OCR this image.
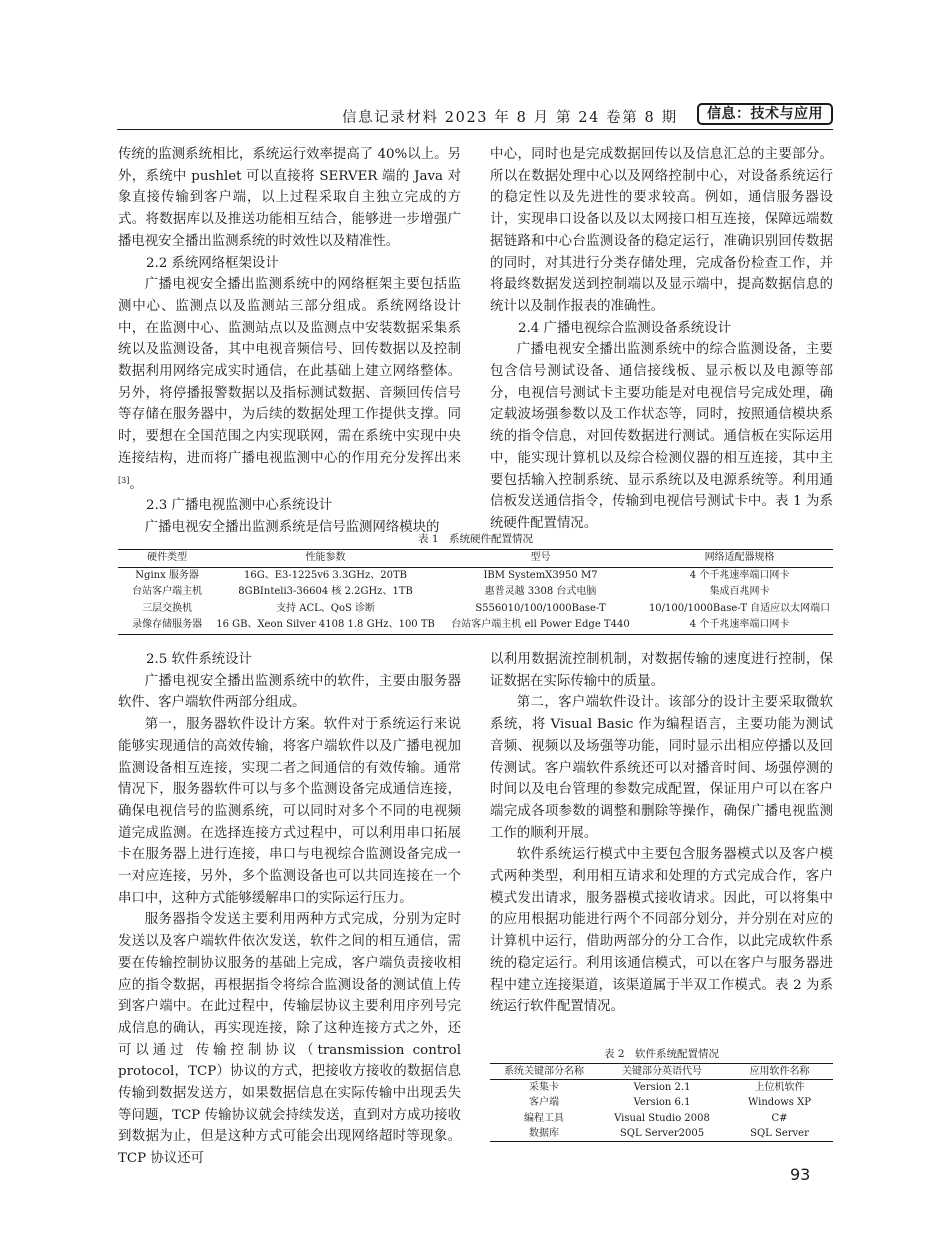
信息记录材料 2023 年 8 月 第 24 卷第 8 期	信息：技术与应用

传统的监测系统相比，系统运行效率提高了 40%以上。另外，系统中 pushlet 可以直接将 SERVER 端的 Java 对象直接传输到客户端，以上过程采取自主独立完成的方式。将数据库以及推送功能相互结合，能够进一步增强广播电视安全播出监测系统的时效性以及精准性。

2.2 系统网络框架设计

广播电视安全播出监测系统中的网络框架主要包括监测中心、监测点以及监测站三部分组成。系统网络设计中，在监测中心、监测站点以及监测点中安装数据采集系统以及监测设备，其中电视音频信号、回传数据以及控制数据利用网络完成实时通信，在此基础上建立网络整体。另外，将停播报警数据以及指标测试数据、音频回传信号等存储在服务器中，为后续的数据处理工作提供支撑。同时，要想在全国范围之内实现联网，需在系统中实现中央连接结构，进而将广播电视监测中心的作用充分发挥出来[3]。

2.3 广播电视监测中心系统设计

广播电视安全播出监测系统是信号监测网络模块的

中心，同时也是完成数据回传以及信息汇总的主要部分。所以在数据处理中心以及网络控制中心，对设备系统运行的稳定性以及先进性的要求较高。例如，通信服务器设计，实现串口设备以及以太网接口相互连接，保障远端数据链路和中心台监测设备的稳定运行，准确识别回传数据的同时，对其进行分类存储处理，完成备份检查工作，并将最终数据发送到控制端以及显示端中，提高数据信息的统计以及制作报表的准确性。

2.4 广播电视综合监测设备系统设计

广播电视安全播出监测系统中的综合监测设备，主要包含信号测试设备、通信接线板、显示板以及电源等部分，电视信号测试卡主要功能是对电视信号完成处理，确定载波场强参数以及工作状态等，同时，按照通信模块系统的指令信息，对回传数据进行测试。通信板在实际运用中，能实现计算机以及综合检测仪器的相互连接，其中主要包括输入控制系统、显示系统以及电源系统等。利用通信板发送通信指令，传输到电视信号测试卡中。表 1 为系统硬件配置情况。

表 1　系统硬件配置情况
硬件类型	性能参数	型号	网络适配器规格
Nginx 服务器	16G、E3-1225v6 3.3GHz、20TB	IBM SystemX3950 M7	4 个千兆速率端口网卡
台站客户端主机	8GBInteli3-36604 核 2.2GHz、1TB	惠普灵越 3308 台式电脑	集成百兆网卡
三层交换机	支持 ACL、QoS 诊断	S556010/100/1000Base-T	10/100/1000Base-T 自适应以太网端口
录像存储服务器	16 GB、Xeon Silver 4108 1.8 GHz、100 TB	台站客户端主机 ell Power Edge T440	4 个千兆速率端口网卡
2.5 软件系统设计

广播电视安全播出监测系统中的软件，主要由服务器软件、客户端软件两部分组成。

第一，服务器软件设计方案。软件对于系统运行来说能够实现通信的高效传输，将客户端软件以及广播电视加监测设备相互连接，实现二者之间通信的有效传输。通常情况下，服务器软件可以与多个监测设备完成通信连接，确保电视信号的监测系统，可以同时对多个不同的电视频道完成监测。在选择连接方式过程中，可以利用串口拓展卡在服务器上进行连接，串口与电视综合监测设备完成一一对应连接，另外，多个监测设备也可以共同连接在一个串口中，这种方式能够缓解串口的实际运行压力。

服务器指令发送主要利用两种方式完成，分别为定时发送以及客户端软件依次发送，软件之间的相互通信，需要在传输控制协议服务的基础上完成，客户端负责接收相应的指令数据，再根据指令将综合监测设备的测试值上传到客户端中。在此过程中，传输层协议主要利用序列号完成信息的确认，再实现连接，除了这种连接方式之外，还可以通过 传输控制协议（transmission control protocol，TCP）协议的方式，把接收方接收的数据信息传输到数据发送方，如果数据信息在实际传输中出现丢失等问题，TCP 传输协议就会持续发送，直到对方成功接收到数据为止，但是这种方式可能会出现网络超时等现象。TCP 协议还可

以利用数据流控制机制，对数据传输的速度进行控制，保证数据在实际传输中的质量。

第二，客户端软件设计。该部分的设计主要采取微软系统，将 Visual Basic 作为编程语言，主要功能为测试音频、视频以及场强等功能，同时显示出相应停播以及回传测试。客户端软件系统还可以对播音时间、场强停测的时间以及电台管理的参数完成配置，保证用户可以在客户端完成各项参数的调整和删除等操作，确保广播电视监测工作的顺利开展。

软件系统运行模式中主要包含服务器模式以及客户模式两种类型，利用相互请求和处理的方式完成合作，客户模式发出请求，服务器模式接收请求。因此，可以将集中的应用根据功能进行两个不同部分划分，并分别在对应的计算机中运行，借助两部分的分工合作，以此完成软件系统的稳定运行。利用该通信模式，可以在客户与服务器进程中建立连接渠道，该渠道属于半双工作模式。表 2 为系统运行软件配置情况。

表 2　软件系统配置情况
系统关键部分名称	关键部分英语代号	应用软件名称
采集卡	Version 2.1	上位机软件
客户端	Version 6.1	Windows XP
编程工具	Visual Studio 2008	C#
数据库	SQL Server2005	SQL Server
93
